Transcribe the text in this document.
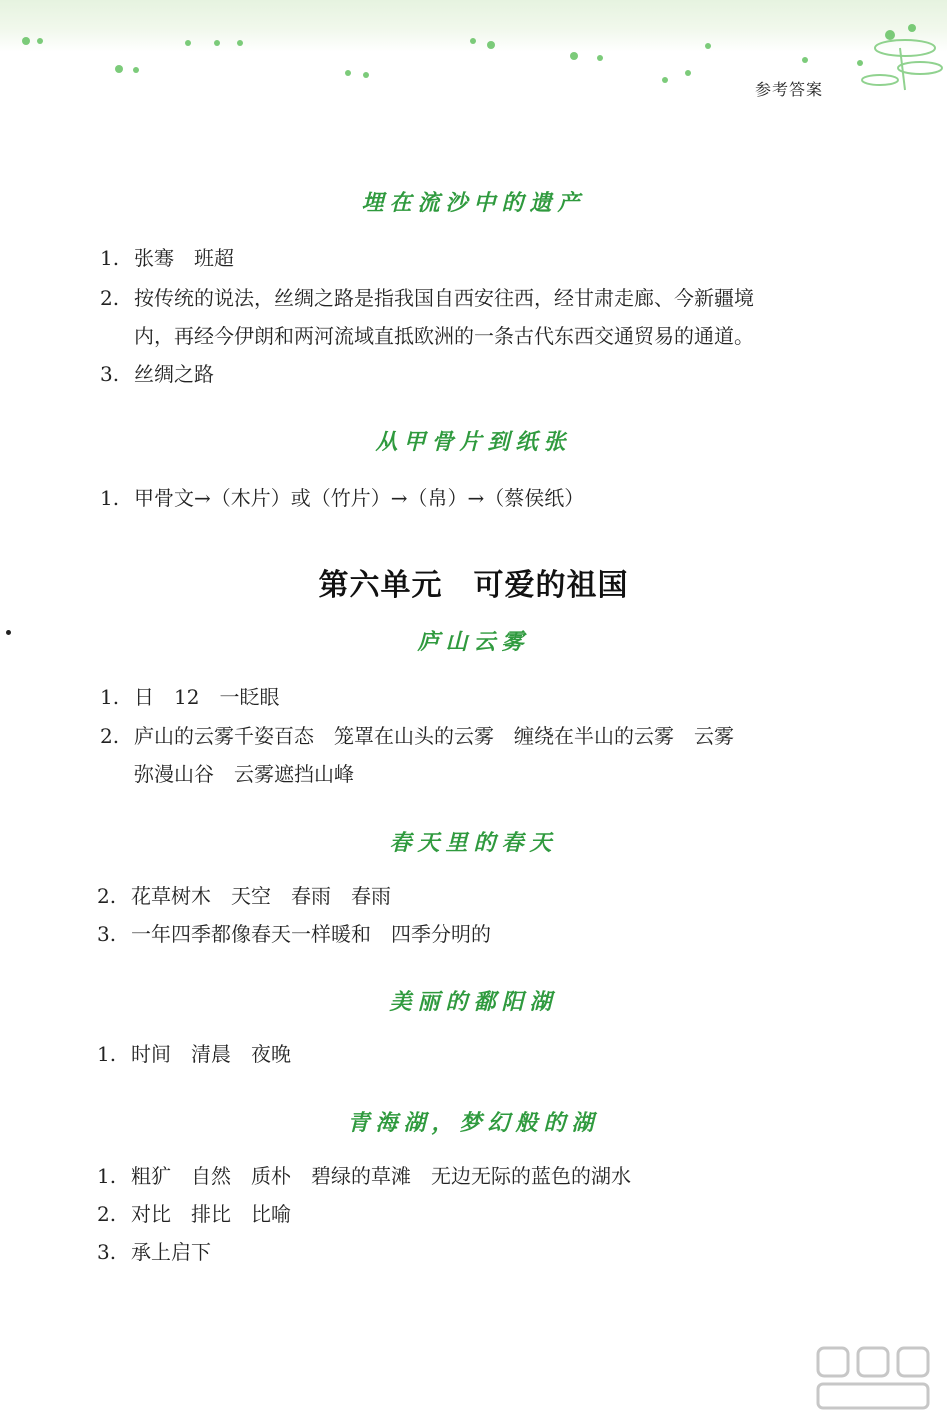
参考答案
埋在流沙中的遗产
1. 张骞　班超
2. 按传统的说法，丝绸之路是指我国自西安往西，经甘肃走廊、今新疆境
内，再经今伊朗和两河流域直抵欧洲的一条古代东西交通贸易的通道。
3. 丝绸之路
从甲骨片到纸张
1. 甲骨文→（木片）或（竹片）→（帛）→（蔡侯纸）
第六单元　可爱的祖国
庐山云雾
1. 日　12　一眨眼
2. 庐山的云雾千姿百态　笼罩在山头的云雾　缠绕在半山的云雾　云雾
弥漫山谷　云雾遮挡山峰
春天里的春天
2. 花草树木　天空　春雨　春雨
3. 一年四季都像春天一样暖和　四季分明的
美丽的鄱阳湖
1. 时间　清晨　夜晚
青海湖，梦幻般的湖
1. 粗犷　自然　质朴　碧绿的草滩　无边无际的蓝色的湖水
2. 对比　排比　比喻
3. 承上启下
